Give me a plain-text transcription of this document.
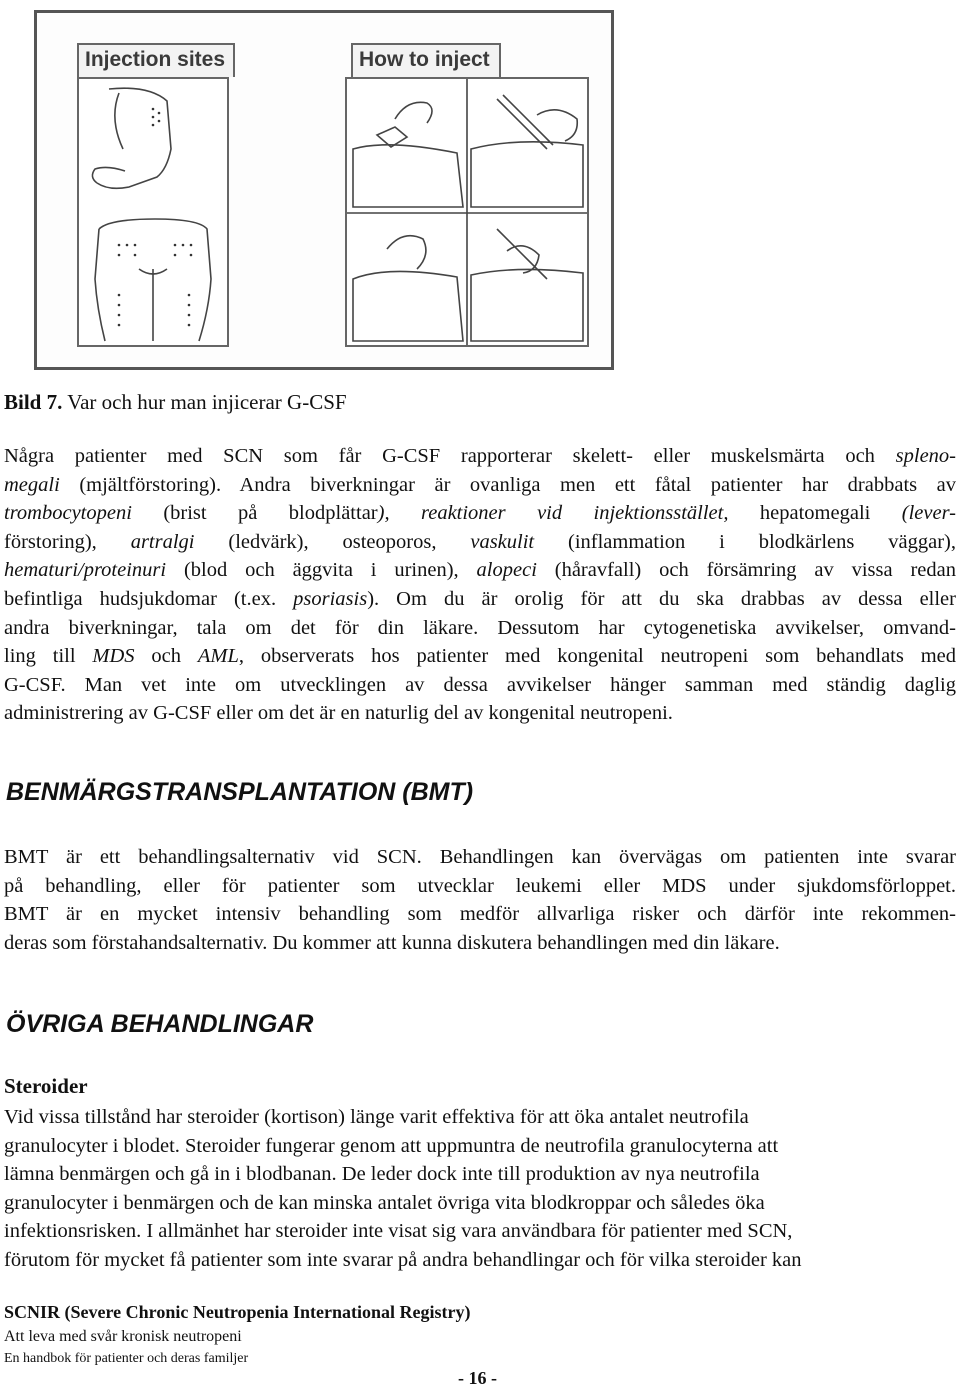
Injection sites	How to inject
Bild 7. Var och hur man injicerar G-CSF
Några patienter med SCN som får G-CSF rapporterar skelett- eller muskelsmärta och spleno-
megali (mjältförstoring). Andra biverkningar är ovanliga men ett fåtal patienter har drabbats av
trombocytopeni (brist på blodplättar), reaktioner vid injektionsstället, hepatomegali (lever-
förstoring), artralgi (ledvärk), osteoporos, vaskulit (inflammation i blodkärlens väggar),
hematuri/proteinuri (blod och äggvita i urinen), alopeci (håravfall) och försämring av vissa redan
befintliga hudsjukdomar (t.ex. psoriasis). Om du är orolig för att du ska drabbas av dessa eller
andra biverkningar, tala om det för din läkare. Dessutom har cytogenetiska avvikelser, omvand-
ling till MDS och AML, observerats hos patienter med kongenital neutropeni som behandlats med
G-CSF. Man vet inte om utvecklingen av dessa avvikelser hänger samman med ständig daglig
administrering av G-CSF eller om det är en naturlig del av kongenital neutropeni.
BENMÄRGSTRANSPLANTATION (BMT)
BMT är ett behandlingsalternativ vid SCN. Behandlingen kan övervägas om patienten inte svarar
på behandling, eller för patienter som utvecklar leukemi eller MDS under sjukdomsförloppet.
BMT är en mycket intensiv behandling som medför allvarliga risker och därför inte rekommen-
deras som förstahandsalternativ. Du kommer att kunna diskutera behandlingen med din läkare.
ÖVRIGA BEHANDLINGAR
Steroider
Vid vissa tillstånd har steroider (kortison) länge varit effektiva för att öka antalet neutrofila
granulocyter i blodet. Steroider fungerar genom att uppmuntra de neutrofila granulocyterna att
lämna benmärgen och gå in i blodbanan. De leder dock inte till produktion av nya neutrofila
granulocyter i benmärgen och de kan minska antalet övriga vita blodkroppar och således öka
infektionsrisken. I allmänhet har steroider inte visat sig vara användbara för patienter med SCN,
förutom för mycket få patienter som inte svarar på andra behandlingar och för vilka steroider kan
SCNIR (Severe Chronic Neutropenia International Registry)
Att leva med svår kronisk neutropeni
En handbok för patienter och deras familjer
- 16 -
